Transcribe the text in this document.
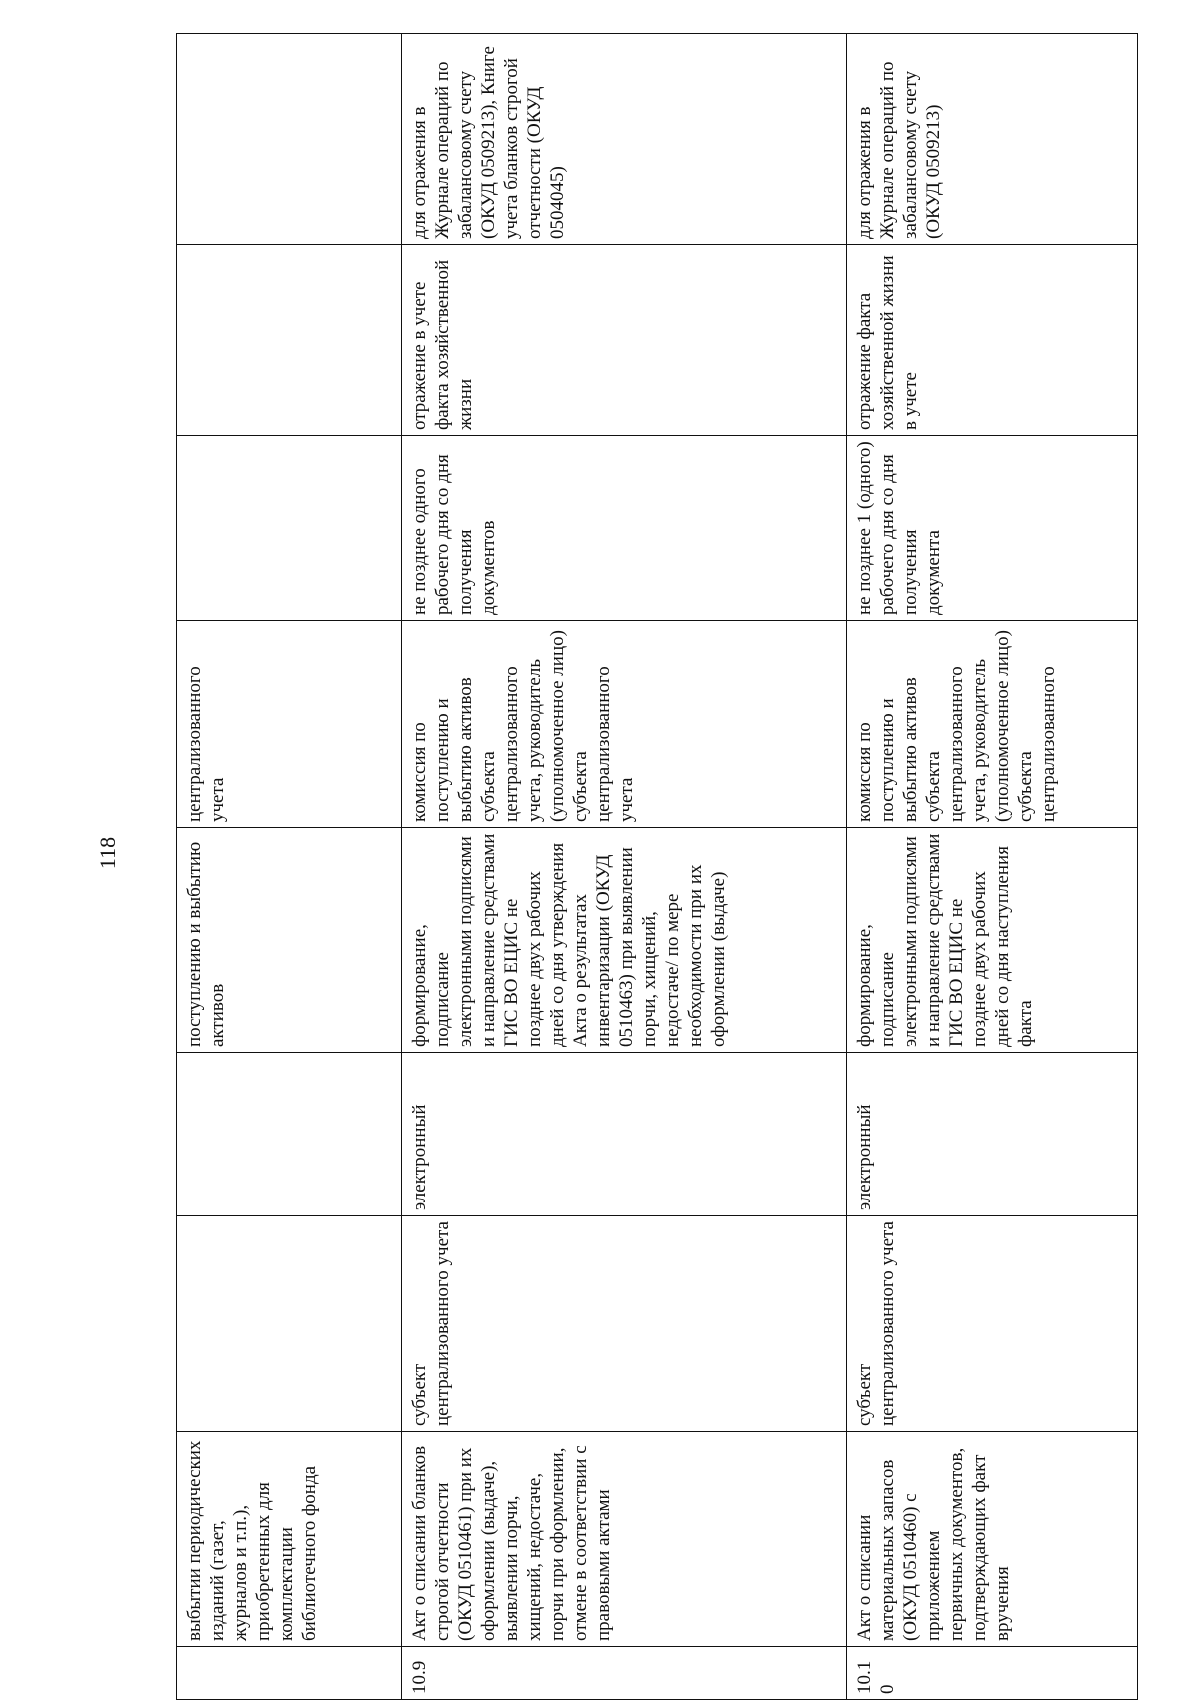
118
	выбытии периодических изданий (газет, журналов и т.п.), приобретенных для комплектации библиотечного фонда			поступлению и выбытию активов	централизованного учета			
10.9	Акт о списании бланков строгой отчетности (ОКУД 0510461) при их оформлении (выдаче), выявлении порчи, хищений, недостаче, порчи при оформлении, отмене в соответствии с правовыми актами	субъект централизованного учета	электронный	формирование, подписание электронными подписями и направление средствами ГИС ВО ЕЦИС не позднее двух рабочих дней со дня утверждения Акта о результатах инвентаризации (ОКУД 0510463) при выявлении порчи, хищений, недостаче/ по мере необходимости при их оформлении (выдаче)	комиссия по поступлению и выбытию активов субъекта централизованного учета, руководитель (уполномоченное лицо) субъекта централизованного учета	не позднее одного рабочего дня со дня получения документов	отражение в учете факта хозяйственной жизни	для отражения в Журнале операций по забалансовому счету (ОКУД 0509213), Книге учета бланков строгой отчетности (ОКУД 0504045)
10.10	Акт о списании материальных запасов (ОКУД 0510460) с приложением первичных документов, подтверждающих факт вручения	субъект централизованного учета	электронный	формирование, подписание электронными подписями и направление средствами ГИС ВО ЕЦИС не позднее двух рабочих дней со дня наступления факта	комиссия по поступлению и выбытию активов субъекта централизованного учета, руководитель (уполномоченное лицо) субъекта централизованного	не позднее 1 (одного) рабочего дня со дня получения документа	отражение факта хозяйственной жизни в учете	для отражения в Журнале операций по забалансовому счету (ОКУД 0509213)
